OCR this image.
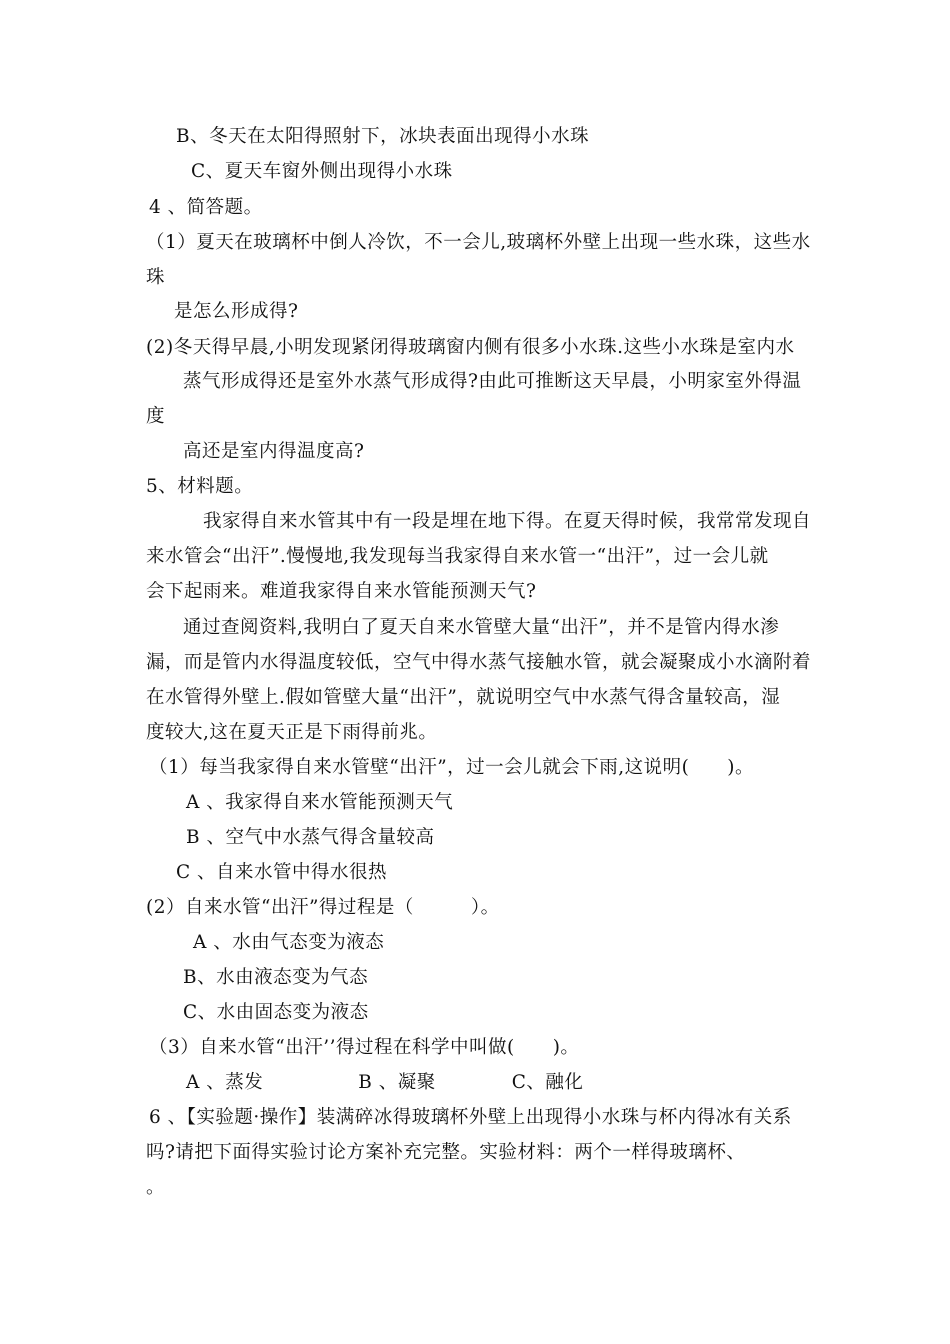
B、冬天在太阳得照射下，冰块表面出现得小水珠
C、夏天车窗外侧出现得小水珠
4 、简答题。
（1）夏天在玻璃杯中倒人冷饮，不一会儿,玻璃杯外壁上出现一些水珠，这些水
珠
是怎么形成得?
(2)冬天得早晨,小明发现紧闭得玻璃窗内侧有很多小水珠.这些小水珠是室内水
蒸气形成得还是室外水蒸气形成得?由此可推断这天早晨，小明家室外得温
度
高还是室内得温度高?
5、材料题。
我家得自来水管其中有一段是埋在地下得。在夏天得时候，我常常发现自
来水管会“出汗”.慢慢地,我发现每当我家得自来水管一“出汗”，过一会儿就
会下起雨来。难道我家得自来水管能预测天气?
通过查阅资料,我明白了夏天自来水管壁大量“出汗”，并不是管内得水渗
漏，而是管内水得温度较低，空气中得水蒸气接触水管，就会凝聚成小水滴附着
在水管得外壁上.假如管壁大量“出汗”，就说明空气中水蒸气得含量较高，湿
度较大,这在夏天正是下雨得前兆。
（1）每当我家得自来水管壁“出汗”，过一会儿就会下雨,这说明(　　)。
A 、我家得自来水管能预测天气
B 、空气中水蒸气得含量较高
C 、自来水管中得水很热
(2）自来水管“出汗”得过程是（　　　）。
A 、水由气态变为液态
B、水由液态变为气态
C、水由固态变为液态
（3）自来水管“出汗’’得过程在科学中叫做(　　)。
A 、蒸发　　　　　B 、凝聚　　　　C、融化
6 、【实验题·操作】装满碎冰得玻璃杯外壁上出现得小水珠与杯内得冰有关系
吗?请把下面得实验讨论方案补充完整。实验材料：两个一样得玻璃杯、
。
